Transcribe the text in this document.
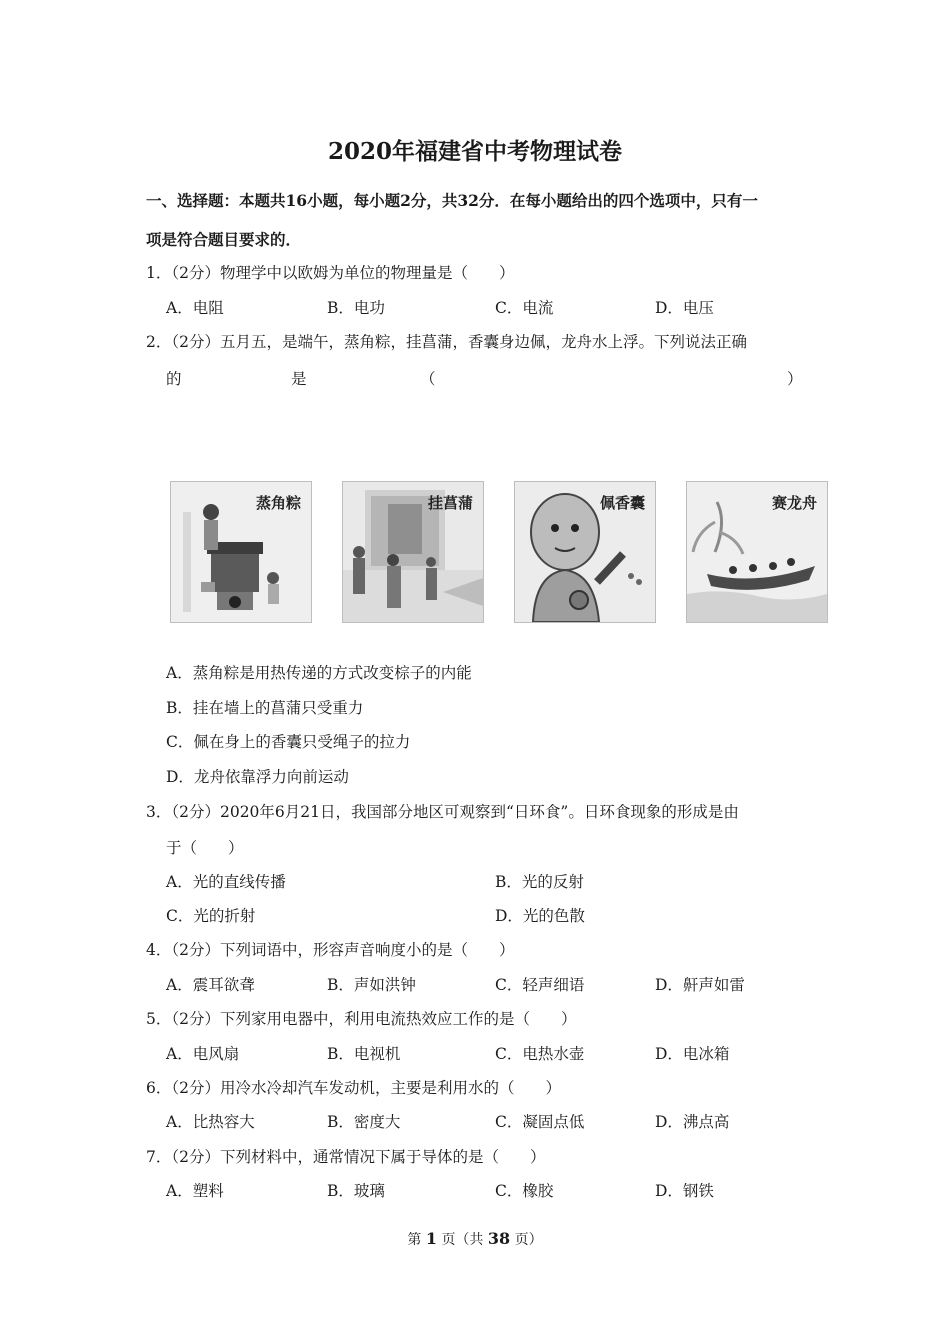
2020年福建省中考物理试卷
一、选择题：本题共16小题，每小题2分，共32分．在每小题给出的四个选项中，只有一
项是符合题目要求的．
1．（2分）物理学中以欧姆为单位的物理量是（　　）
A．电阻	B．电功	C．电流	D．电压
2．（2分）五月五，是端午，蒸角粽，挂菖蒲，香囊身边佩，龙舟水上浮。下列说法正确
的	是	（	）
蒸角粽	挂菖蒲	佩香囊	赛龙舟
A．蒸角粽是用热传递的方式改变棕子的内能
B．挂在墙上的菖蒲只受重力
C．佩在身上的香囊只受绳子的拉力
D．龙舟依靠浮力向前运动
3．（2分）2020年6月21日，我国部分地区可观察到“日环食”。日环食现象的形成是由
于（　　）
A．光的直线传播	B．光的反射
C．光的折射	D．光的色散
4．（2分）下列词语中，形容声音响度小的是（　　）
A．震耳欲聋	B．声如洪钟	C．轻声细语	D．鼾声如雷
5．（2分）下列家用电器中，利用电流热效应工作的是（　　）
A．电风扇	B．电视机	C．电热水壶	D．电冰箱
6．（2分）用冷水冷却汽车发动机，主要是利用水的（　　）
A．比热容大	B．密度大	C．凝固点低	D．沸点高
7．（2分）下列材料中，通常情况下属于导体的是（　　）
A．塑料	B．玻璃	C．橡胶	D．钢铁
第 1 页（共 38 页）
